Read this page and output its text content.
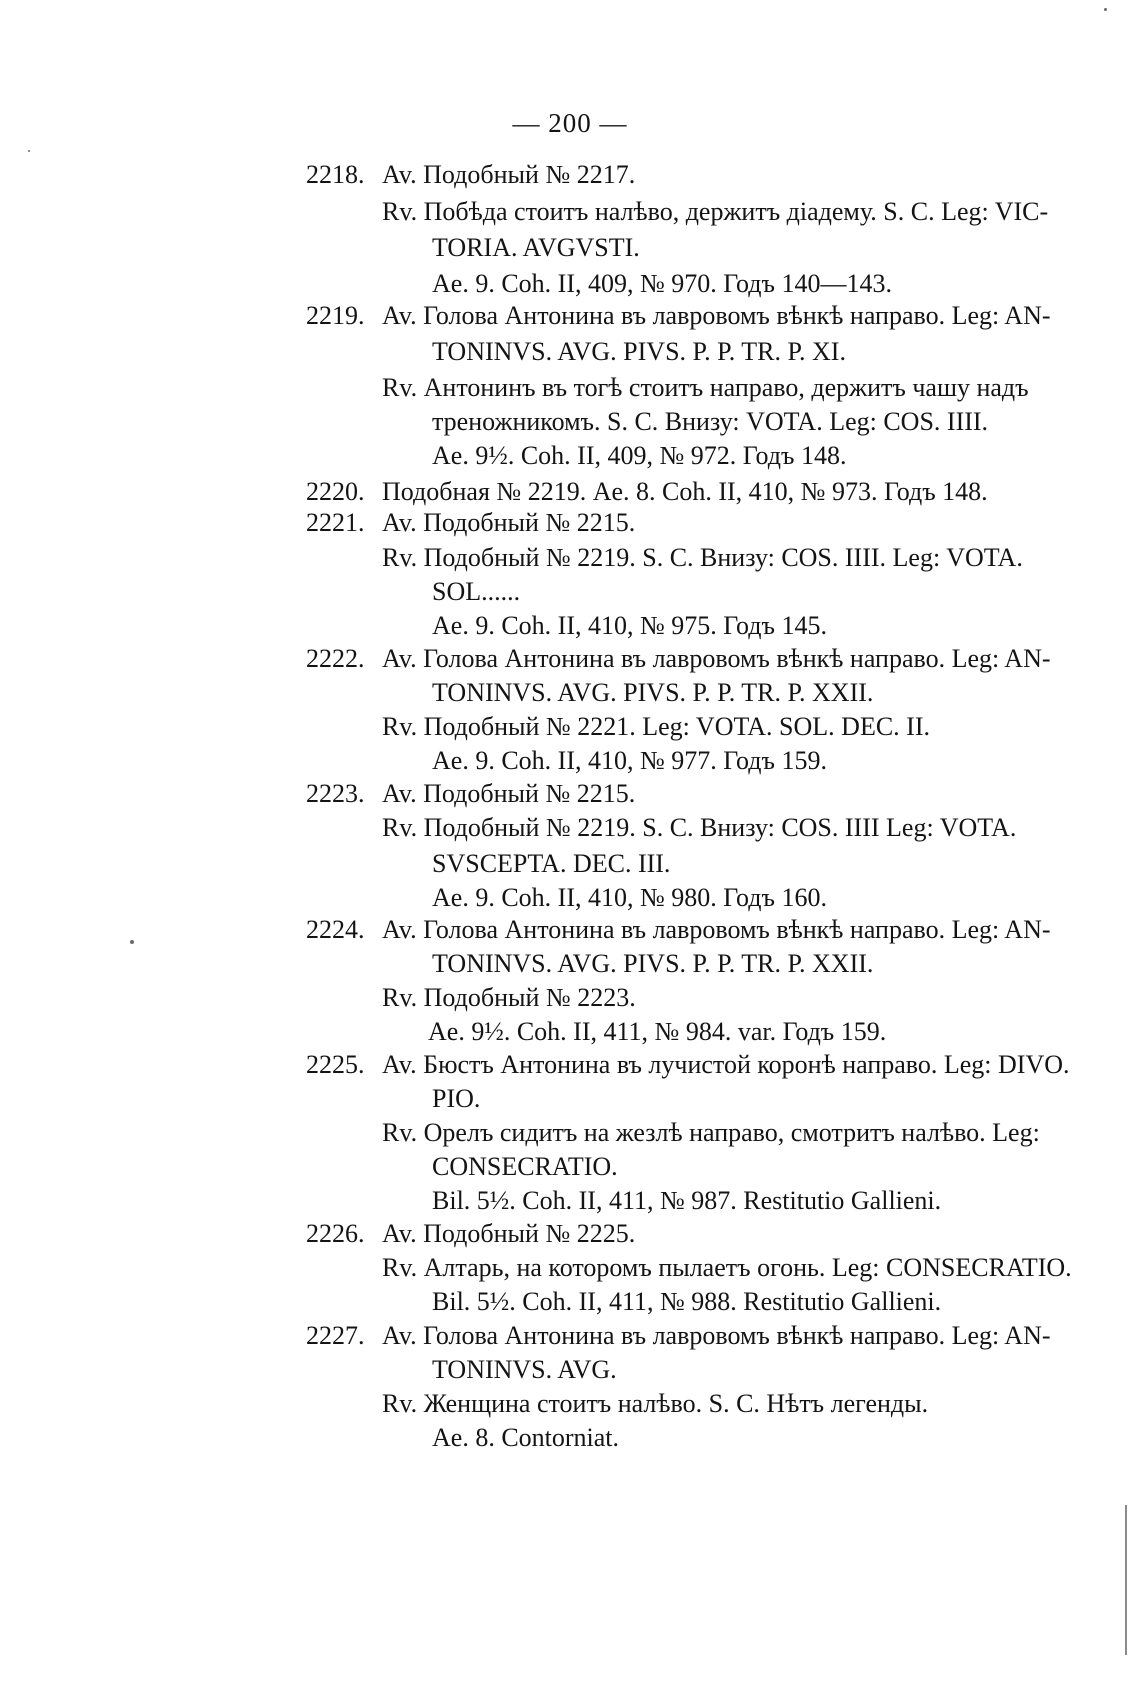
— 200 —
2218. Av. Подобный № 2217.
Rv. Побѣда стоитъ налѣво, держитъ діадему. S. C. Leg: VIC-
TORIA. AVGVSTI.
Ae. 9. Coh. II, 409, № 970. Годъ 140—143.
2219. Av. Голова Антонина въ лавровомъ вѣнкѣ направо. Leg: AN-
TONINVS. AVG. PIVS. P. P. TR. P. XI.
Rv. Антонинъ въ тогѣ стоитъ направо, держитъ чашу надъ
треножникомъ. S. C. Внизу: VOTA. Leg: COS. IIII.
Ae. 9½. Coh. II, 409, № 972. Годъ 148.
2220. Подобная № 2219. Ae. 8. Coh. II, 410, № 973. Годъ 148.
2221. Av. Подобный № 2215.
Rv. Подобный № 2219. S. C. Внизу: COS. IIII. Leg: VOTA.
SOL......
Ae. 9. Coh. II, 410, № 975. Годъ 145.
2222. Av. Голова Антонина въ лавровомъ вѣнкѣ направо. Leg: AN-
TONINVS. AVG. PIVS. P. P. TR. P. XXII.
Rv. Подобный № 2221. Leg: VOTA. SOL. DEC. II.
Ae. 9. Coh. II, 410, № 977. Годъ 159.
2223. Av. Подобный № 2215.
Rv. Подобный № 2219. S. C. Внизу: COS. IIII Leg: VOTA.
SVSCEPTA. DEC. III.
Ae. 9. Coh. II, 410, № 980. Годъ 160.
2224. Av. Голова Антонина въ лавровомъ вѣнкѣ направо. Leg: AN-
TONINVS. AVG. PIVS. P. P. TR. P. XXII.
Rv. Подобный № 2223.
Ae. 9½. Coh. II, 411, № 984. var. Годъ 159.
2225. Av. Бюстъ Антонина въ лучистой коронѣ направо. Leg: DIVO.
PIO.
Rv. Орелъ сидитъ на жезлѣ направо, смотритъ налѣво. Leg:
CONSECRATIO.
Bil. 5½. Coh. II, 411, № 987. Restitutio Gallieni.
2226. Av. Подобный № 2225.
Rv. Алтарь, на которомъ пылаетъ огонь. Leg: CONSECRATIO.
Bil. 5½. Coh. II, 411, № 988. Restitutio Gallieni.
2227. Av. Голова Антонина въ лавровомъ вѣнкѣ направо. Leg: AN-
TONINVS. AVG.
Rv. Женщина стоитъ налѣво. S. C. Нѣтъ легенды.
Ae. 8. Contorniat.
